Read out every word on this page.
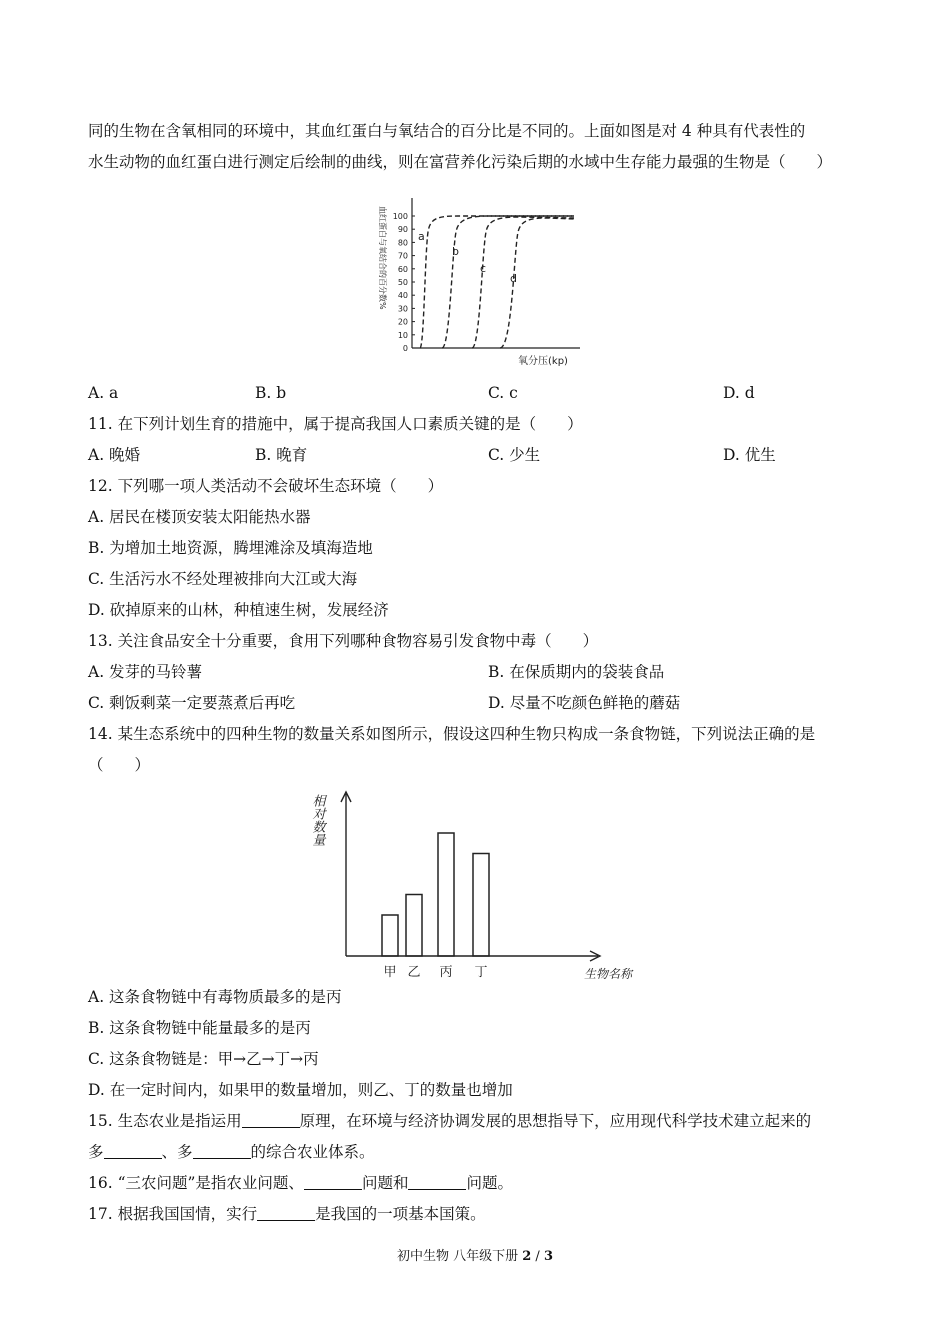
同的生物在含氧相同的环境中，其血红蛋白与氧结合的百分比是不同的。上面如图是对 4 种具有代表性的
水生动物的血红蛋白进行测定后绘制的曲线，则在富营养化污染后期的水域中生存能力最强的生物是（　　）
血红蛋白与氧结合的百分数% 100
90
80
70
60
50
40
30
20
10
0
a
b
c
d
氧分压(kp)
A. a	B. b	C. c	D. d
11. 在下列计划生育的措施中，属于提高我国人口素质关键的是（　　）
A. 晚婚	B. 晚育	C. 少生	D. 优生
12. 下列哪一项人类活动不会破坏生态环境（　　）
A. 居民在楼顶安装太阳能热水器
B. 为增加土地资源，腾埋滩涂及填海造地
C. 生活污水不经处理被排向大江或大海
D. 砍掉原来的山林，种植速生树，发展经济
13. 关注食品安全十分重要，食用下列哪种食物容易引发食物中毒（　　）
A. 发芽的马铃薯	B. 在保质期内的袋装食品
C. 剩饭剩菜一定要蒸煮后再吃	D. 尽量不吃颜色鲜艳的蘑菇
14. 某生态系统中的四种生物的数量关系如图所示，假设这四种生物只构成一条食物链，下列说法正确的是
（　　）
相对数量
甲 乙 丙 丁	生物名称
A. 这条食物链中有毒物质最多的是丙
B. 这条食物链中能量最多的是丙
C. 这条食物链是：甲→乙→丁→丙
D. 在一定时间内，如果甲的数量增加，则乙、丁的数量也增加
15. 生态农业是指运用	原理，在环境与经济协调发展的思想指导下，应用现代科学技术建立起来的
多	、多	的综合农业体系。
16. “三农问题”是指农业问题、	问题和	问题。
17. 根据我国国情，实行	是我国的一项基本国策。
初中生物 八年级下册 2 / 3
